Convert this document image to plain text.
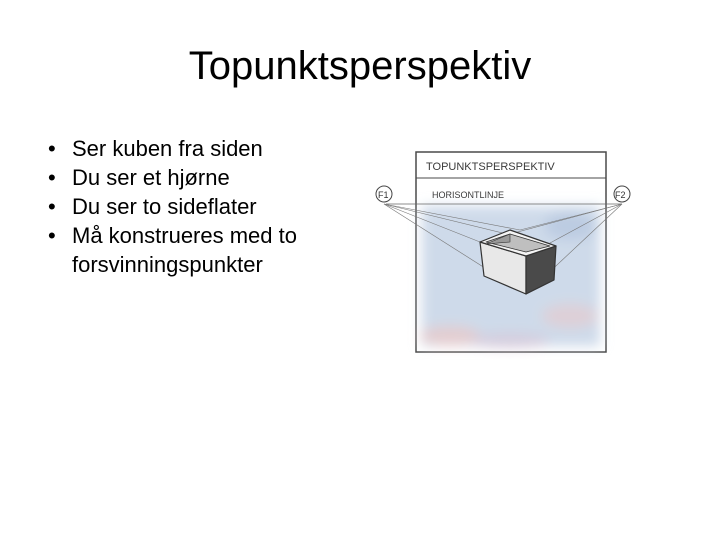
Topunktsperspektiv
• Ser kuben fra siden
• Du ser et hjørne
• Du ser to sideflater
• Må konstrueres med to forsvinningspunkter
TOPUNKTSPERSPEKTIV
HORISONTLINJE
F1	F2
